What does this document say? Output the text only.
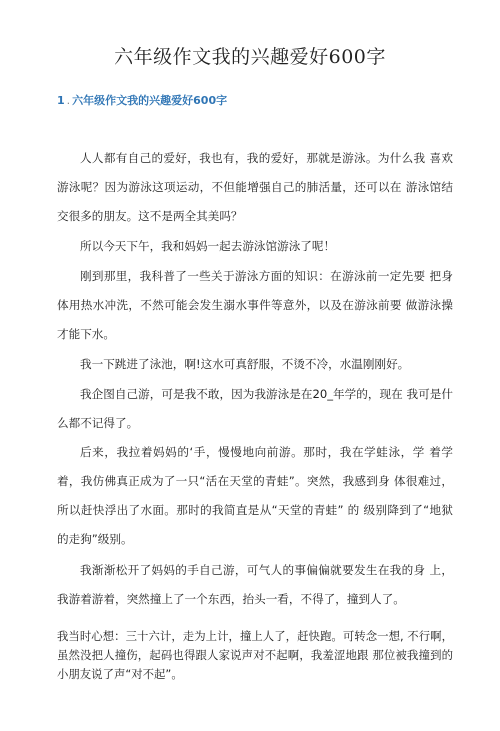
六年级作文我的兴趣爱好600字
1 . 六年级作文我的兴趣爱好600字

人人都有自己的爱好，我也有，我的爱好，那就是游泳。为什么我 喜欢游泳呢？因为游泳这项运动，不但能增强自己的肺活量，还可以在 游泳馆结交很多的朋友。这不是两全其美吗？

所以今天下午，我和妈妈一起去游泳馆游泳了呢！

刚到那里，我科普了一些关于游泳方面的知识：在游泳前一定先要 把身体用热水冲洗，不然可能会发生溺水事件等意外，以及在游泳前要 做游泳操才能下水。

我一下跳进了泳池，啊!这水可真舒服，不烫不冷，水温刚刚好。

我企图自己游，可是我不敢，因为我游泳是在20_年学的，现在 我可是什么都不记得了。

后来，我拉着妈妈的‘手，慢慢地向前游。那时，我在学蛙泳，学 着学着，我仿佛真正成为了一只“活在天堂的青蛙”。突然，我感到身 体很难过，所以赶快浮出了水面。那时的我简直是从“天堂的青蛙” 的 级别降到了“地狱的走狗”级别。

我渐渐松开了妈妈的手自己游，可气人的事偏偏就要发生在我的身 上，我游着游着，突然撞上了一个东西，抬头一看，不得了，撞到人了。

我当时心想：三十六计，走为上计，撞上人了，赶快跑。可转念一想, 不行啊，虽然没把人撞伤，起码也得跟人家说声对不起啊，我羞涩地跟 那位被我撞到的小朋友说了声“对不起”。
